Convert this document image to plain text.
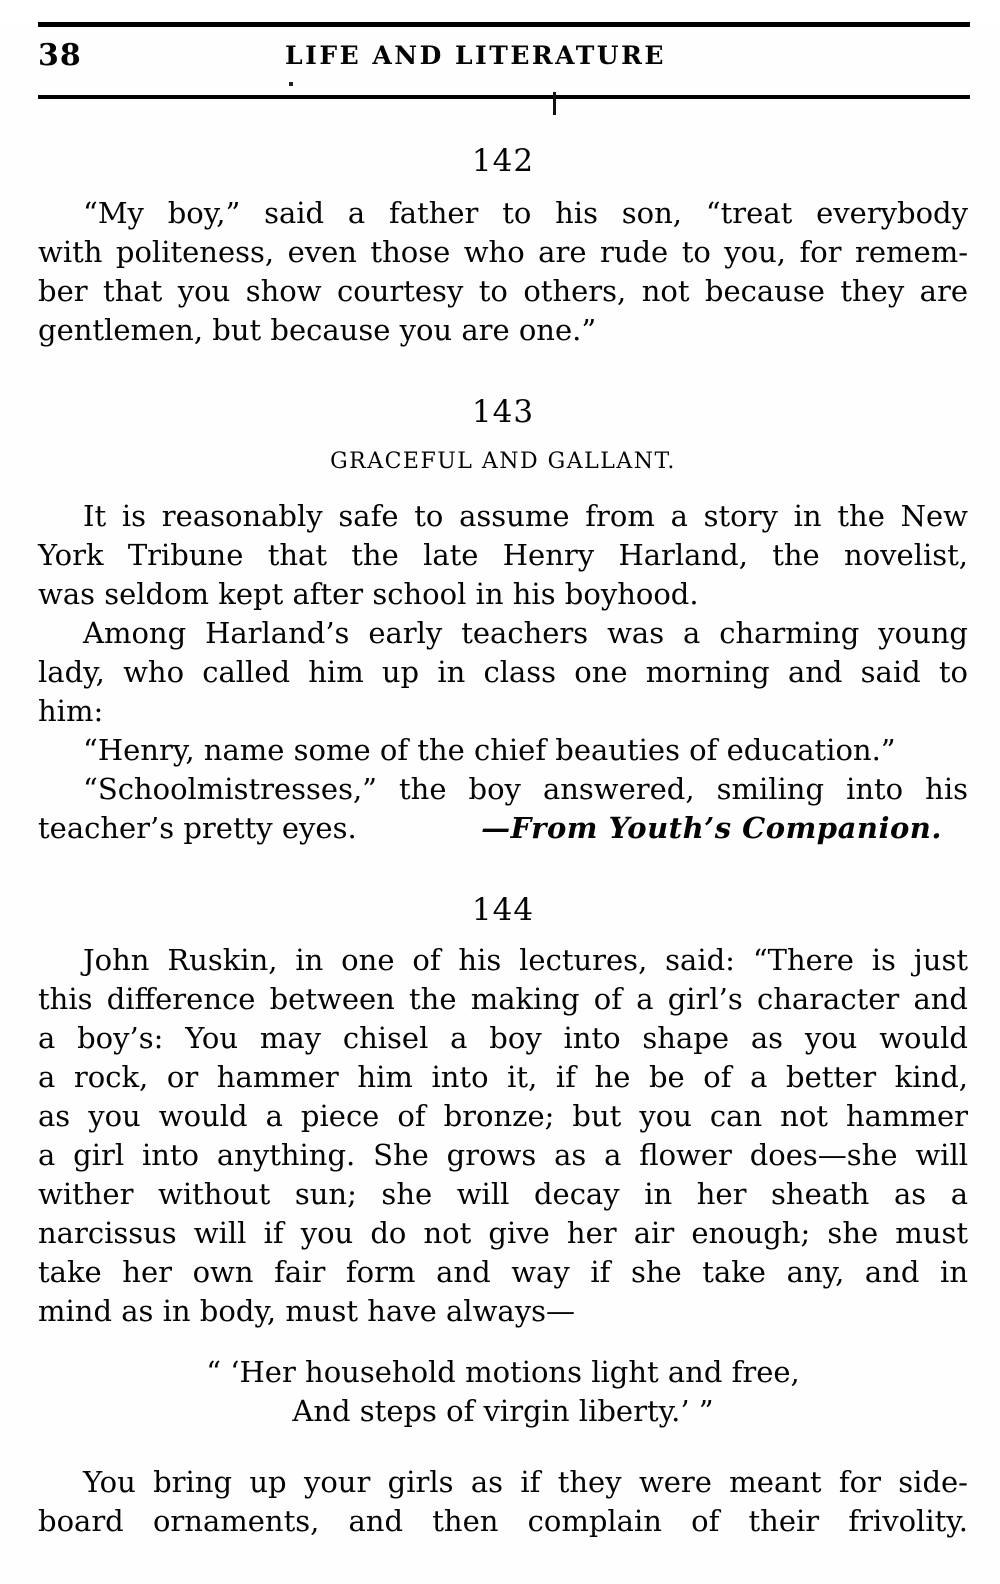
38	LIFE AND LITERATURE
142
“My boy,” said a father to his son, “treat everybody
with politeness, even those who are rude to you, for remem-
ber that you show courtesy to others, not because they are
gentlemen, but because you are one.”
143
GRACEFUL AND GALLANT.
It is reasonably safe to assume from a story in the New
York Tribune that the late Henry Harland, the novelist,
was seldom kept after school in his boyhood.
Among Harland’s early teachers was a charming young
lady, who called him up in class one morning and said to
him:
“Henry, name some of the chief beauties of education.”
“Schoolmistresses,” the boy answered, smiling into his
teacher’s pretty eyes.	—From Youth’s Companion.
144
John Ruskin, in one of his lectures, said: “There is just
this difference between the making of a girl’s character and
a boy’s: You may chisel a boy into shape as you would
a rock, or hammer him into it, if he be of a better kind,
as you would a piece of bronze; but you can not hammer
a girl into anything. She grows as a flower does—she will
wither without sun; she will decay in her sheath as a
narcissus will if you do not give her air enough; she must
take her own fair form and way if she take any, and in
mind as in body, must have always—
“ ‘Her household motions light and free,
And steps of virgin liberty.’ ”
You bring up your girls as if they were meant for side-
board ornaments, and then complain of their frivolity.
